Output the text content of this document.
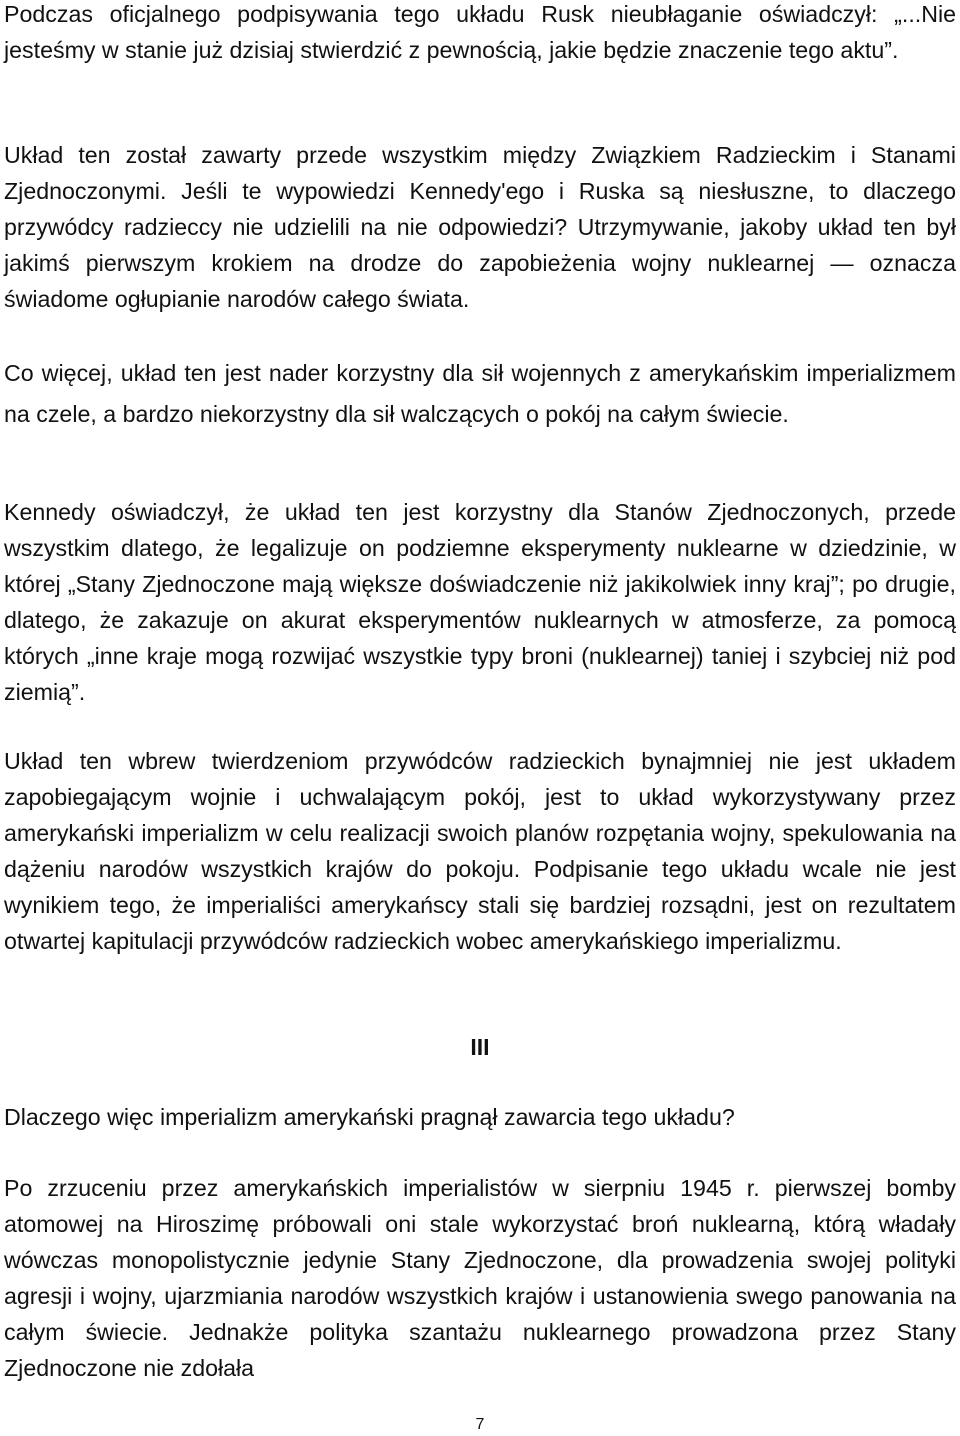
Podczas oficjalnego podpisywania tego układu Rusk nieubłaganie oświadczył: „...Nie jesteśmy w stanie już dzisiaj stwierdzić z pewnością, jakie będzie znaczenie tego aktu”.

Układ ten został zawarty przede wszystkim między Związkiem Radzieckim i Stanami Zjednoczonymi. Jeśli te wypowiedzi Kennedy'ego i Ruska są niesłuszne, to dlaczego przywódcy radzieccy nie udzielili na nie odpowiedzi? Utrzymywanie, jakoby układ ten był jakimś pierwszym krokiem na drodze do zapobieżenia wojny nuklearnej — oznacza świadome ogłupianie narodów całego świata.

Co więcej, układ ten jest nader korzystny dla sił wojennych z amerykańskim imperializmem na czele, a bardzo niekorzystny dla sił walczących o pokój na całym świecie.

Kennedy oświadczył, że układ ten jest korzystny dla Stanów Zjednoczonych, przede wszystkim dlatego, że legalizuje on podziemne eksperymenty nuklearne w dziedzinie, w której „Stany Zjednoczone mają większe doświadczenie niż jakikolwiek inny kraj”; po drugie, dlatego, że zakazuje on akurat eksperymentów nuklearnych w atmosferze, za pomocą których „inne kraje mogą rozwijać wszystkie typy broni (nuklearnej) taniej i szybciej niż pod ziemią”.

Układ ten wbrew twierdzeniom przywódców radzieckich bynajmniej nie jest układem zapobiegającym wojnie i uchwalającym pokój, jest to układ wykorzystywany przez amerykański imperializm w celu realizacji swoich planów rozpętania wojny, spekulowania na dążeniu narodów wszystkich krajów do pokoju. Podpisanie tego układu wcale nie jest wynikiem tego, że imperialiści amerykańscy stali się bardziej rozsądni, jest on rezultatem otwartej kapitulacji przywódców radzieckich wobec amerykańskiego imperializmu.

III

Dlaczego więc imperializm amerykański pragnął zawarcia tego układu?

Po zrzuceniu przez amerykańskich imperialistów w sierpniu 1945 r. pierwszej bomby atomowej na Hiroszimę próbowali oni stale wykorzystać broń nuklearną, którą władały wówczas monopolistycznie jedynie Stany Zjednoczone, dla prowadzenia swojej polityki agresji i wojny, ujarzmiania narodów wszystkich krajów i ustanowienia swego panowania na całym świecie. Jednakże polityka szantażu nuklearnego prowadzona przez Stany Zjednoczone nie zdołała

7
